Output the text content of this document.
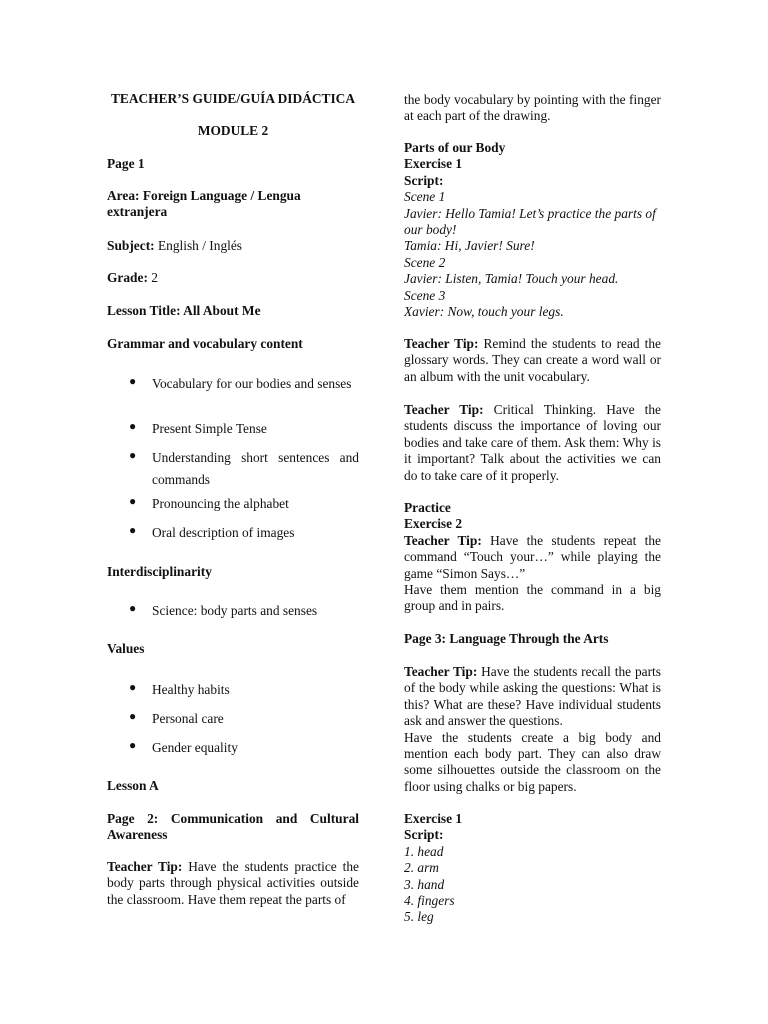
TEACHER’S GUIDE/GUÍA DIDÁCTICA

MODULE 2

Page 1

Area: Foreign Language / Lengua extranjera

Subject: English / Inglés

Grade: 2

Lesson Title: All About Me

Grammar and vocabulary content

● Vocabulary for our bodies and senses
● Present Simple Tense
● Understanding short sentences and commands
● Pronouncing the alphabet
● Oral description of images

Interdisciplinarity

● Science: body parts and senses

Values

● Healthy habits
● Personal care
● Gender equality

Lesson A

Page 2: Communication and Cultural Awareness

Teacher Tip: Have the students practice the body parts through physical activities outside the classroom. Have them repeat the parts of

the body vocabulary by pointing with the finger at each part of the drawing.

Parts of our Body
Exercise 1
Script:
Scene 1
Javier: Hello Tamia! Let’s practice the parts of our body!
Tamia: Hi, Javier! Sure!
Scene 2
Javier: Listen, Tamia! Touch your head.
Scene 3
Xavier: Now, touch your legs.

Teacher Tip: Remind the students to read the glossary words. They can create a word wall or an album with the unit vocabulary.

Teacher Tip: Critical Thinking. Have the students discuss the importance of loving our bodies and take care of them. Ask them: Why is it important? Talk about the activities we can do to take care of it properly.

Practice
Exercise 2
Teacher Tip: Have the students repeat the command “Touch your…” while playing the game “Simon Says…”
Have them mention the command in a big group and in pairs.

Page 3: Language Through the Arts

Teacher Tip: Have the students recall the parts of the body while asking the questions: What is this? What are these? Have individual students ask and answer the questions.
Have the students create a big body and mention each body part. They can also draw some silhouettes outside the classroom on the floor using chalks or big papers.
Exercise 1
Script:
1. head
2. arm
3. hand
4. fingers
5. leg
